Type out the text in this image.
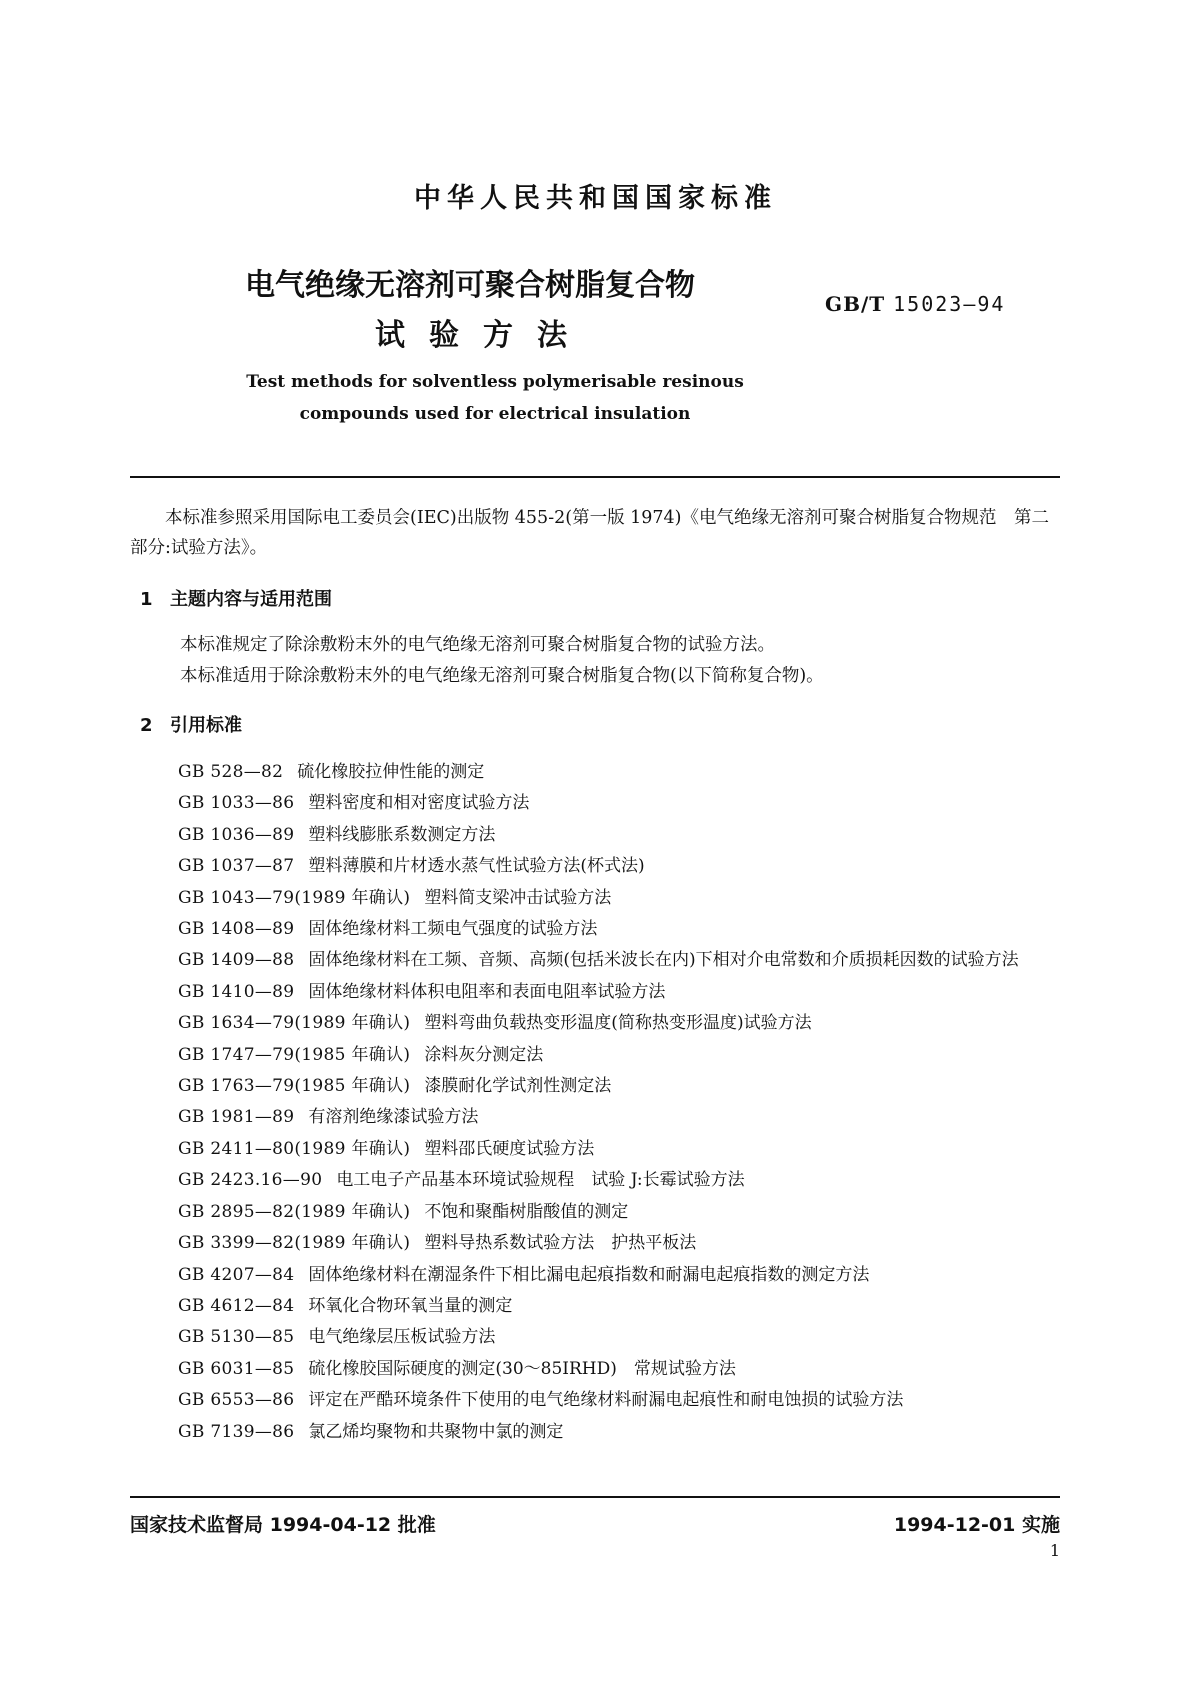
中华人民共和国国家标准
电气绝缘无溶剂可聚合树脂复合物
试验方法
GB/T 15023—94
Test methods for solventless polymerisable resinous
compounds used for electrical insulation
本标准参照采用国际电工委员会(IEC)出版物 455-2(第一版 1974)《电气绝缘无溶剂可聚合树脂复合物规范　第二部分:试验方法》。
1 主题内容与适用范围
本标准规定了除涂敷粉末外的电气绝缘无溶剂可聚合树脂复合物的试验方法。
本标准适用于除涂敷粉末外的电气绝缘无溶剂可聚合树脂复合物(以下简称复合物)。
2 引用标准
GB 528—82 硫化橡胶拉伸性能的测定
GB 1033—86 塑料密度和相对密度试验方法
GB 1036—89 塑料线膨胀系数测定方法
GB 1037—87 塑料薄膜和片材透水蒸气性试验方法(杯式法)
GB 1043—79(1989 年确认) 塑料简支梁冲击试验方法
GB 1408—89 固体绝缘材料工频电气强度的试验方法
GB 1409—88 固体绝缘材料在工频、音频、高频(包括米波长在内)下相对介电常数和介质损耗因数的试验方法
GB 1410—89 固体绝缘材料体积电阻率和表面电阻率试验方法
GB 1634—79(1989 年确认) 塑料弯曲负载热变形温度(简称热变形温度)试验方法
GB 1747—79(1985 年确认) 涂料灰分测定法
GB 1763—79(1985 年确认) 漆膜耐化学试剂性测定法
GB 1981—89 有溶剂绝缘漆试验方法
GB 2411—80(1989 年确认) 塑料邵氏硬度试验方法
GB 2423.16—90 电工电子产品基本环境试验规程　试验 J:长霉试验方法
GB 2895—82(1989 年确认) 不饱和聚酯树脂酸值的测定
GB 3399—82(1989 年确认) 塑料导热系数试验方法　护热平板法
GB 4207—84 固体绝缘材料在潮湿条件下相比漏电起痕指数和耐漏电起痕指数的测定方法
GB 4612—84 环氧化合物环氧当量的测定
GB 5130—85 电气绝缘层压板试验方法
GB 6031—85 硫化橡胶国际硬度的测定(30～85IRHD)　常规试验方法
GB 6553—86 评定在严酷环境条件下使用的电气绝缘材料耐漏电起痕性和耐电蚀损的试验方法
GB 7139—86 氯乙烯均聚物和共聚物中氯的测定
国家技术监督局 1994-04-12 批准	1994-12-01 实施
1
